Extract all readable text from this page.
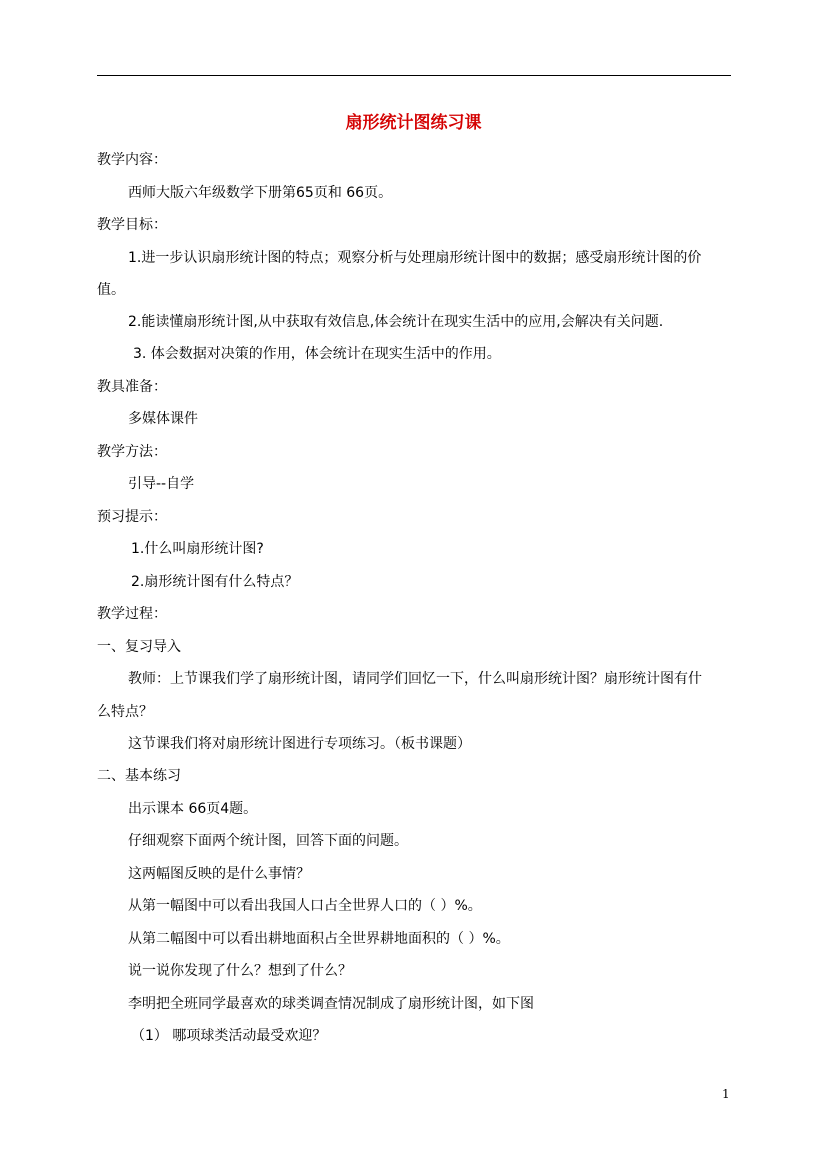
扇形统计图练习课
教学内容：
西师大版六年级数学下册第65页和 66页。
教学目标：
1.进一步认识扇形统计图的特点；观察分析与处理扇形统计图中的数据；感受扇形统计图的价
值。
2.能读懂扇形统计图,从中获取有效信息,体会统计在现实生活中的应用,会解决有关问题.
3. 体会数据对决策的作用，体会统计在现实生活中的作用。
教具准备：
多媒体课件
教学方法：
引导--自学
预习提示：
1.什么叫扇形统计图?
2.扇形统计图有什么特点？
教学过程：
一、复习导入
教师：上节课我们学了扇形统计图，请同学们回忆一下，什么叫扇形统计图？扇形统计图有什
么特点？
这节课我们将对扇形统计图进行专项练习。（板书课题）
二、基本练习
出示课本 66页4题。
仔细观察下面两个统计图，回答下面的问题。
这两幅图反映的是什么事情？
从第一幅图中可以看出我国人口占全世界人口的（ ）%。
从第二幅图中可以看出耕地面积占全世界耕地面积的（ ）%。
说一说你发现了什么？想到了什么？
李明把全班同学最喜欢的球类调查情况制成了扇形统计图，如下图
（1） 哪项球类活动最受欢迎？
1
